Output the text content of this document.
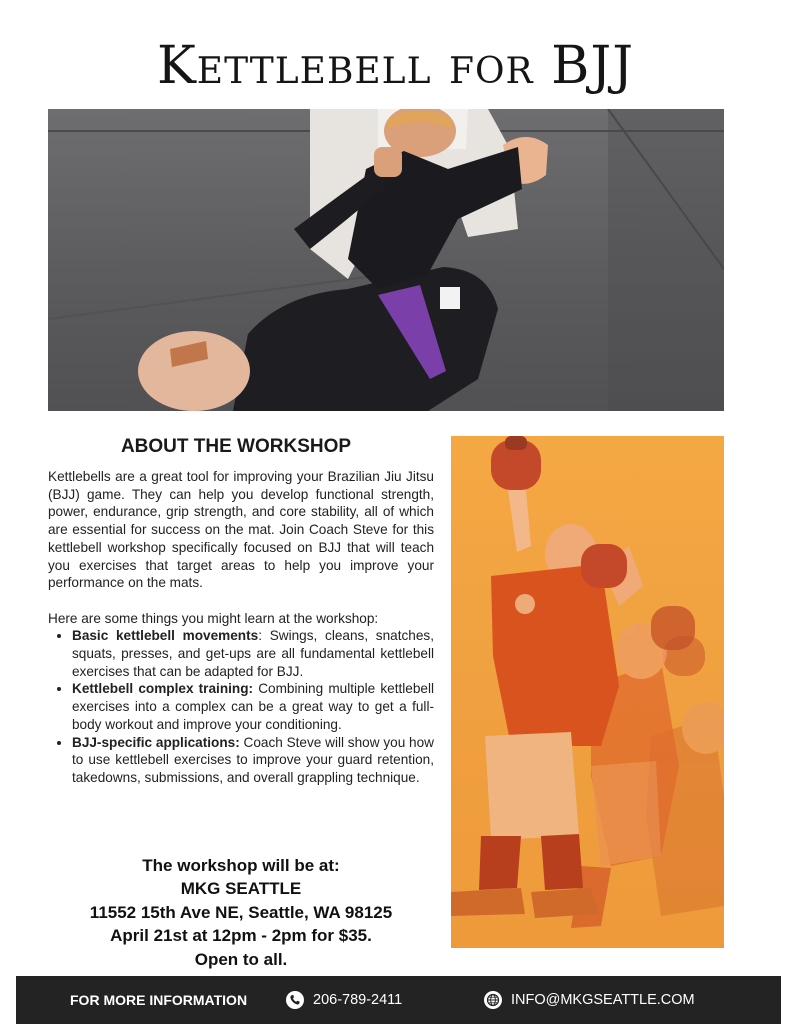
Kettlebell for BJJ
ABOUT THE WORKSHOP

Kettlebells are a great tool for improving your Brazilian Jiu Jitsu (BJJ) game. They can help you develop functional strength, power, endurance, grip strength, and core stability, all of which are essential for success on the mat. Join Coach Steve for this kettlebell workshop specifically focused on BJJ that will teach you exercises that target areas to help you improve your performance on the mats.

Here are some things you might learn at the workshop:

• Basic kettlebell movements: Swings, cleans, snatches, squats, presses, and get-ups are all fundamental kettlebell exercises that can be adapted for BJJ.
• Kettlebell complex training: Combining multiple kettlebell exercises into a complex can be a great way to get a full-body workout and improve your conditioning.
• BJJ-specific applications: Coach Steve will show you how to use kettlebell exercises to improve your guard retention, takedowns, submissions, and overall grappling technique.
The workshop will be at:
MKG SEATTLE
11552 15th Ave NE, Seattle, WA 98125
April 21st at 12pm - 2pm for $35.
Open to all.
FOR MORE INFORMATION	206-789-2411	INFO@MKGSEATTLE.COM
